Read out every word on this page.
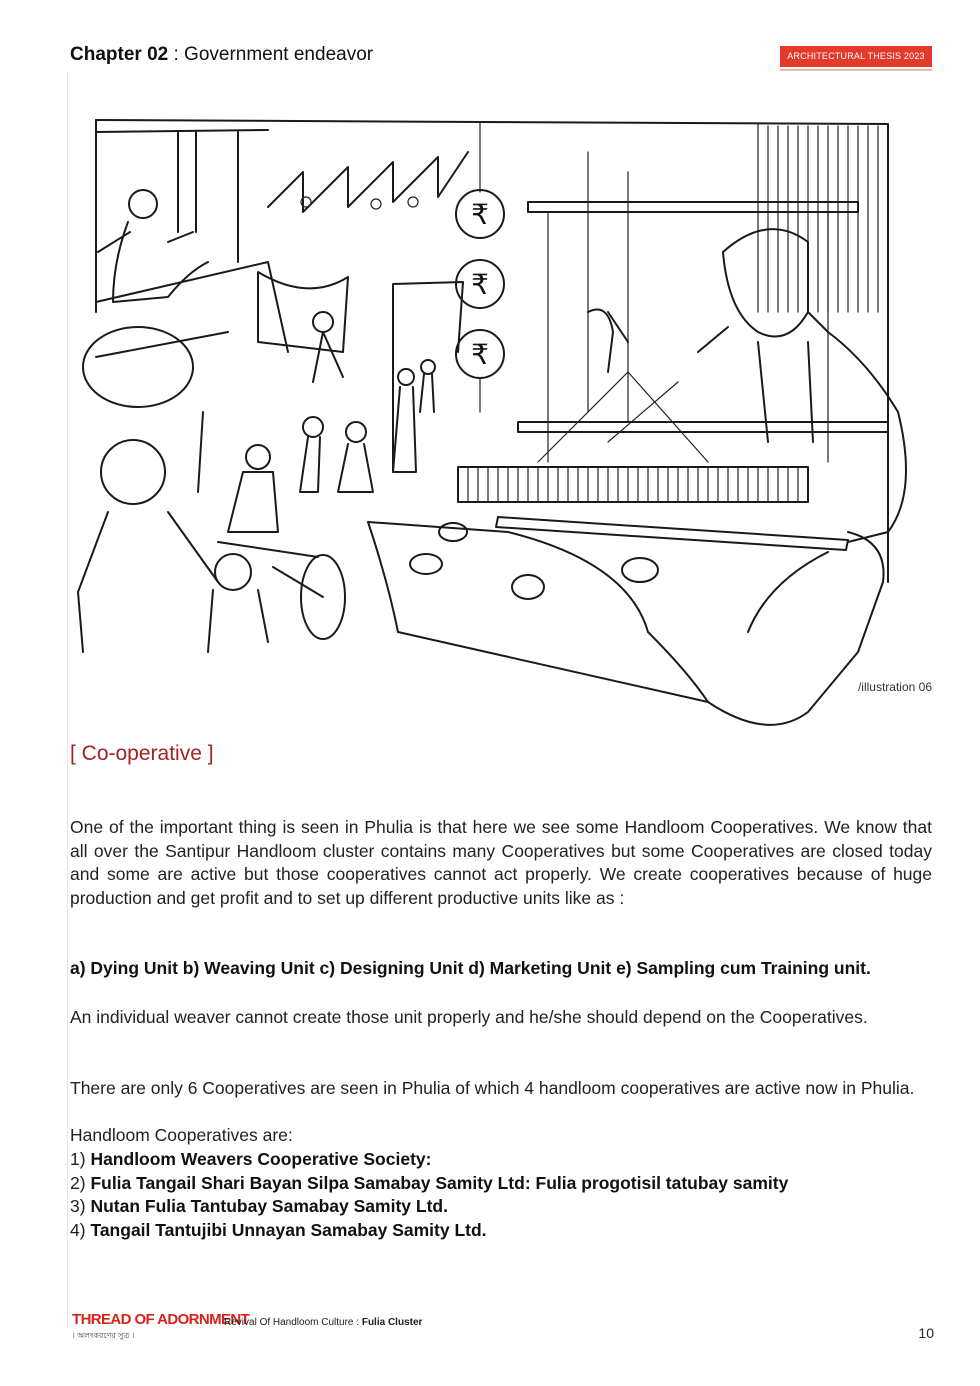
Chapter 02 : Government endeavor	ARCHITECTURAL THESIS 2023
₹
₹
₹
/illustration 06
[ Co-operative ]
One of the important thing is seen in Phulia is that here we see some Handloom Cooperatives. We know that all over the Santipur Handloom cluster contains many Cooperatives but some Cooperatives are closed today and some are active but those cooperatives cannot act properly. We create cooperatives because of huge production and get profit and to set up different productive units like as :
a) Dying Unit b) Weaving Unit c) Designing Unit d) Marketing Unit e) Sampling cum Training unit.
An individual weaver cannot create those unit properly and he/she should depend on the Cooperatives.
There are only 6 Cooperatives are seen in Phulia of which 4 handloom cooperatives are active now in Phulia.
Handloom Cooperatives are:
1) Handloom Weavers Cooperative Society:
2) Fulia Tangail Shari Bayan Silpa Samabay Samity Ltd: Fulia progotisil tatubay samity
3) Nutan Fulia Tantubay Samabay Samity Ltd.
4) Tangail Tantujibi Unnayan Samabay Samity Ltd.
THREAD OF ADORNMENT
। অলংকরণের সুত্র ।
Revival Of Handloom Culture : Fulia Cluster
10
